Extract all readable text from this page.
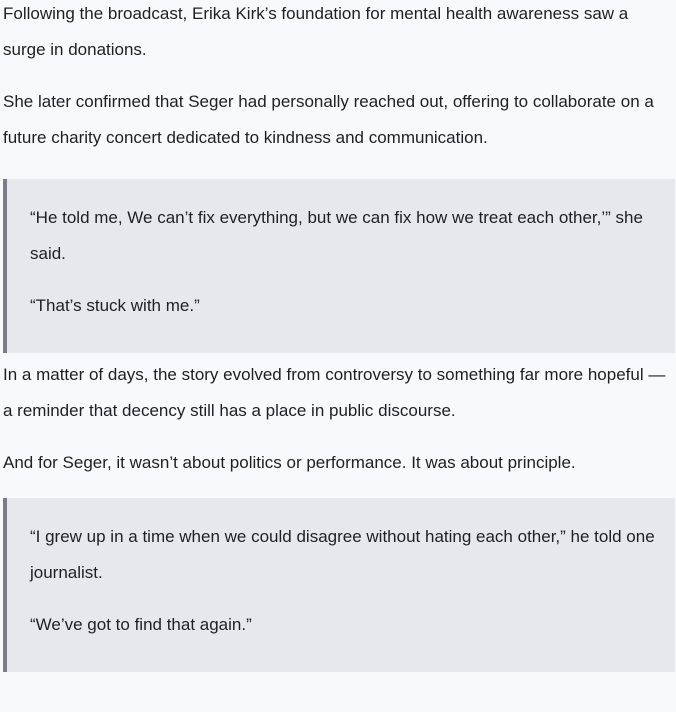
Following the broadcast, Erika Kirk’s foundation for mental health awareness saw a surge in donations.

She later confirmed that Seger had personally reached out, offering to collaborate on a future charity concert dedicated to kindness and communication.

“He told me, We can’t fix everything, but we can fix how we treat each other,’” she said.

“That’s stuck with me.”

In a matter of days, the story evolved from controversy to something far more hopeful — a reminder that decency still has a place in public discourse.

And for Seger, it wasn’t about politics or performance. It was about principle.

“I grew up in a time when we could disagree without hating each other,” he told one journalist.

“We’ve got to find that again.”
